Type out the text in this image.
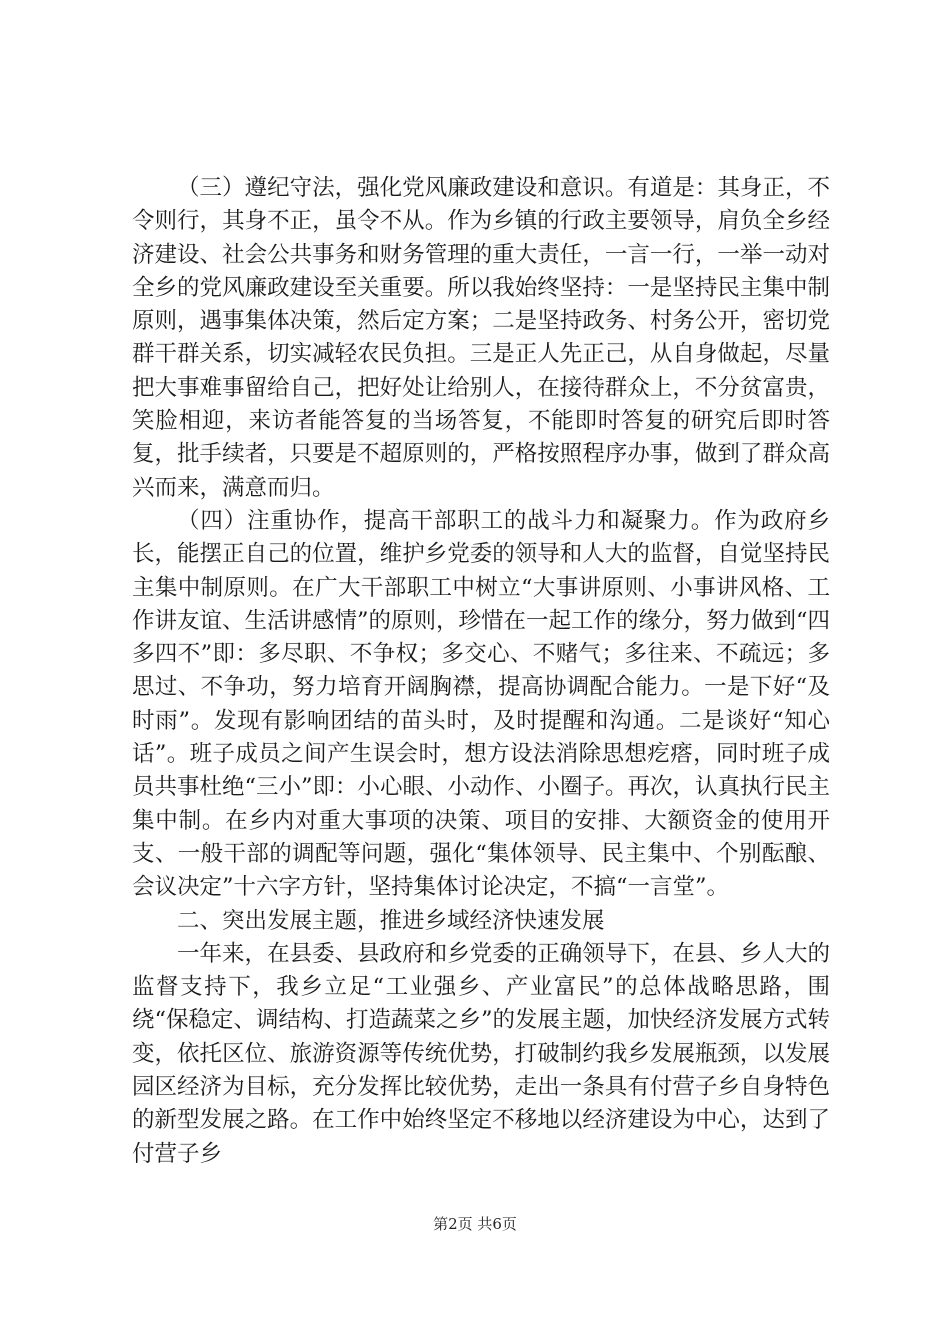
（三）遵纪守法，强化党风廉政建设和意识。有道是：其身正，不令则行，其身不正，虽令不从。作为乡镇的行政主要领导，肩负全乡经济建设、社会公共事务和财务管理的重大责任，一言一行，一举一动对全乡的党风廉政建设至关重要。所以我始终坚持：一是坚持民主集中制原则，遇事集体决策，然后定方案；二是坚持政务、村务公开，密切党群干群关系，切实减轻农民负担。三是正人先正己，从自身做起，尽量把大事难事留给自己，把好处让给别人，在接待群众上，不分贫富贵，笑脸相迎，来访者能答复的当场答复，不能即时答复的研究后即时答复，批手续者，只要是不超原则的，严格按照程序办事，做到了群众高兴而来，满意而归。

（四）注重协作，提高干部职工的战斗力和凝聚力。作为政府乡长，能摆正自己的位置，维护乡党委的领导和人大的监督，自觉坚持民主集中制原则。在广大干部职工中树立“大事讲原则、小事讲风格、工作讲友谊、生活讲感情”的原则，珍惜在一起工作的缘分，努力做到“四多四不”即：多尽职、不争权；多交心、不赌气；多往来、不疏远；多思过、不争功，努力培育开阔胸襟，提高协调配合能力。一是下好“及时雨”。发现有影响团结的苗头时，及时提醒和沟通。二是谈好“知心话”。班子成员之间产生误会时，想方设法消除思想疙瘩，同时班子成员共事杜绝“三小”即：小心眼、小动作、小圈子。再次，认真执行民主集中制。在乡内对重大事项的决策、项目的安排、大额资金的使用开支、一般干部的调配等问题，强化“集体领导、民主集中、个别酝酿、会议决定”十六字方针，坚持集体讨论决定，不搞“一言堂”。

二、突出发展主题，推进乡域经济快速发展

一年来，在县委、县政府和乡党委的正确领导下，在县、乡人大的监督支持下，我乡立足“工业强乡、产业富民”的总体战略思路，围绕“保稳定、调结构、打造蔬菜之乡”的发展主题，加快经济发展方式转变，依托区位、旅游资源等传统优势，打破制约我乡发展瓶颈，以发展园区经济为目标，充分发挥比较优势，走出一条具有付营子乡自身特色的新型发展之路。在工作中始终坚定不移地以经济建设为中心，达到了付营子乡

第2页 共6页
